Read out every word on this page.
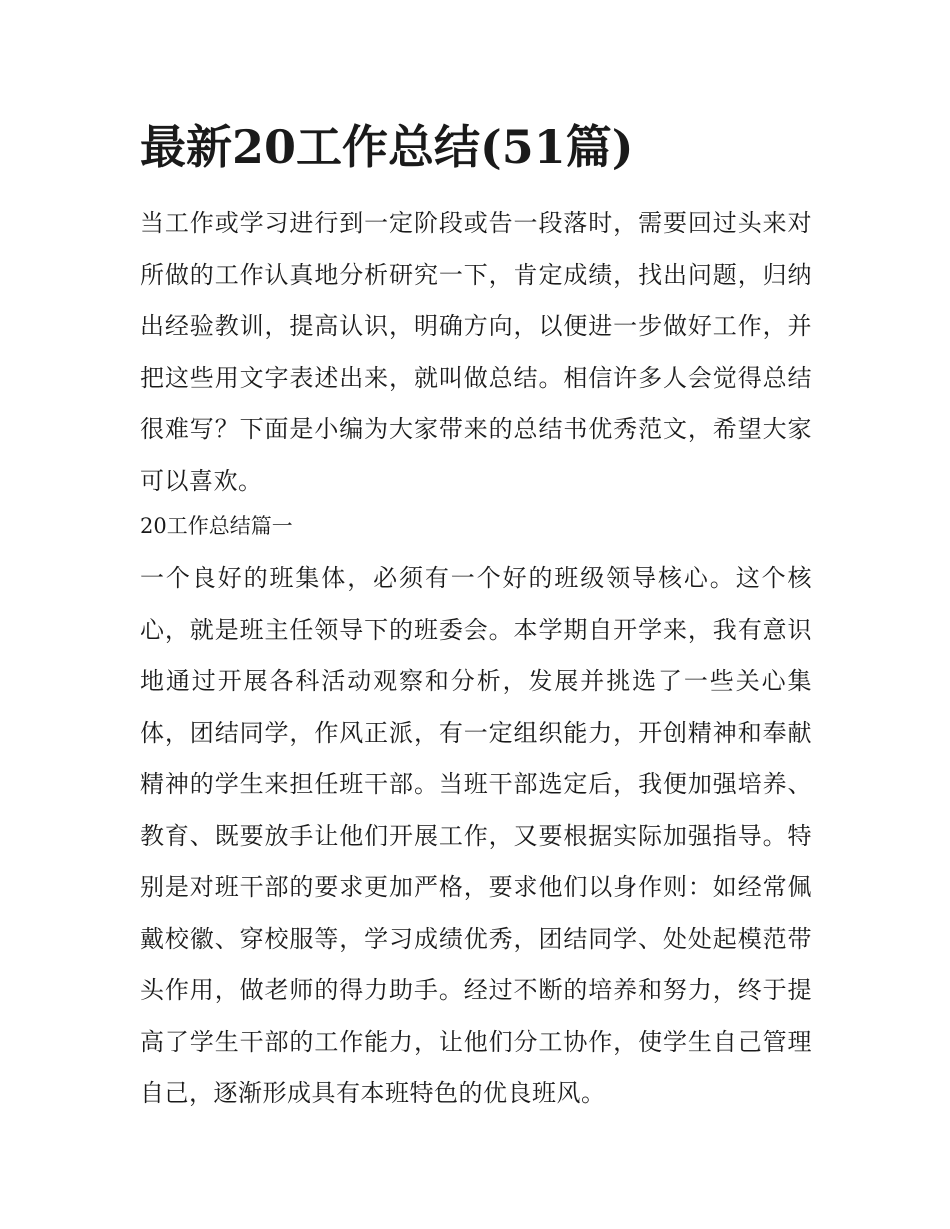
最新20工作总结(51篇)

当工作或学习进行到一定阶段或告一段落时，需要回过头来对所做的工作认真地分析研究一下，肯定成绩，找出问题，归纳出经验教训，提高认识，明确方向，以便进一步做好工作，并把这些用文字表述出来，就叫做总结。相信许多人会觉得总结很难写？下面是小编为大家带来的总结书优秀范文，希望大家可以喜欢。

20工作总结篇一

一个良好的班集体，必须有一个好的班级领导核心。这个核心，就是班主任领导下的班委会。本学期自开学来，我有意识地通过开展各科活动观察和分析，发展并挑选了一些关心集体，团结同学，作风正派，有一定组织能力，开创精神和奉献精神的学生来担任班干部。当班干部选定后，我便加强培养、教育、既要放手让他们开展工作，又要根据实际加强指导。特别是对班干部的要求更加严格，要求他们以身作则：如经常佩戴校徽、穿校服等，学习成绩优秀，团结同学、处处起模范带头作用，做老师的得力助手。经过不断的培养和努力，终于提高了学生干部的工作能力，让他们分工协作，使学生自己管理自己，逐渐形成具有本班特色的优良班风。
